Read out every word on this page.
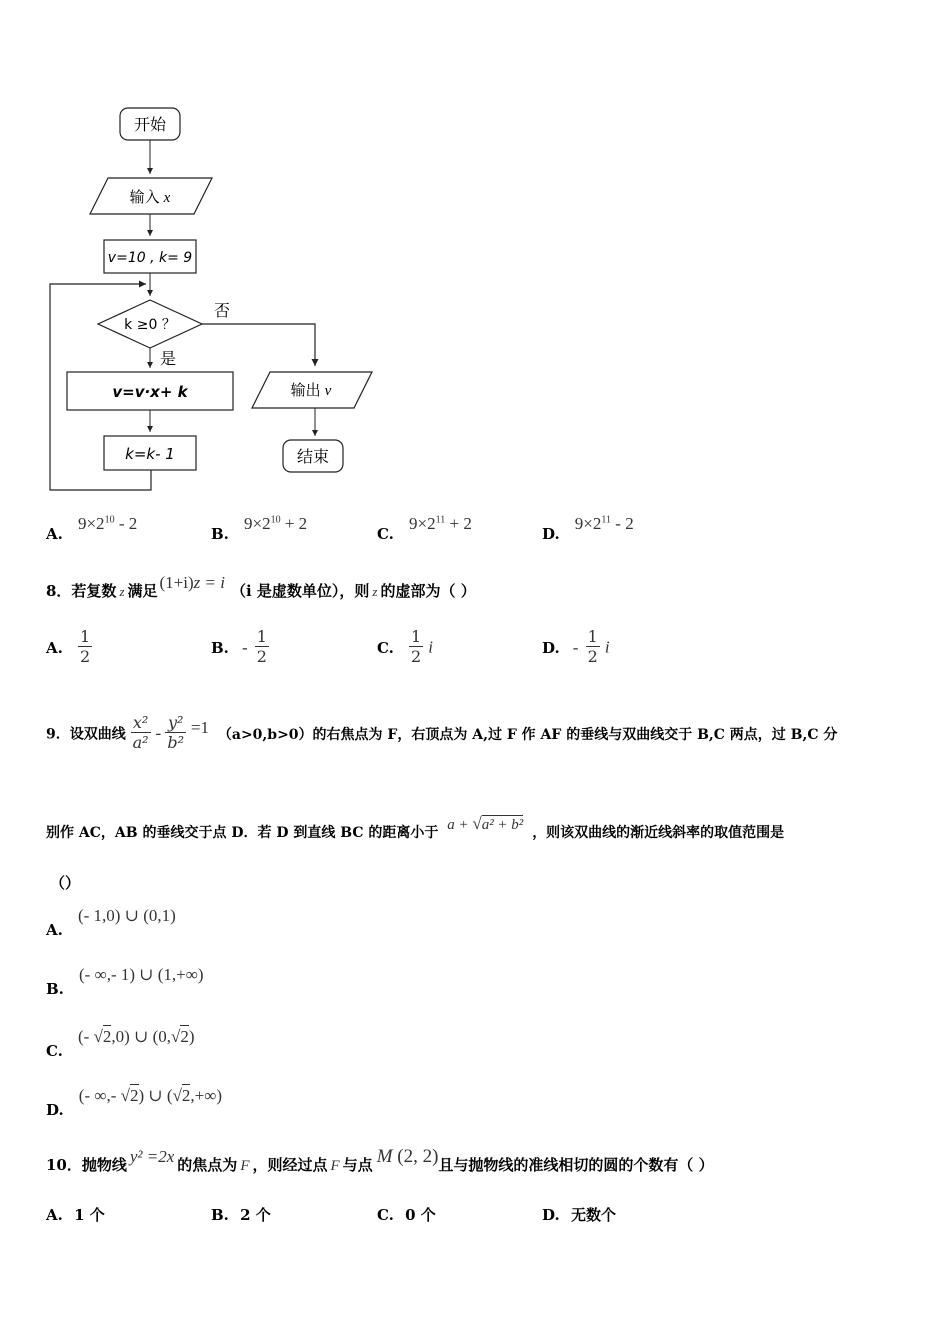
开始
输入 x
v=10 , k= 9
k ≥0 ？
否
是
v=v·x+ k
k=k- 1
输出 v
结束
A. $9\times 2^{10} - 2$
B. $9\times 2^{10} + 2$
C. $9\times 2^{11} + 2$
D. $9\times 2^{11} - 2$
8．若复数 z 满足 (1+i)z = i （i 是虚数单位），则 z 的虚部为（ ）
A. $\frac{1}{2}$	B. - $\frac{1}{2}$	C. $\frac{1}{2}$ i	D. - $\frac{1}{2}$ i
9．设双曲线 $\frac{\text{x²}}{\text{a²}} - \frac{\text{y²}}{\text{b²}} =1$ （a>0,b>0）的右焦点为 F，右顶点为 A,过 F 作 AF 的垂线与双曲线交于 B,C 两点，过 B,C 分
别作 AC，AB 的垂线交于点 D．若 D 到直线 BC 的距离小于 a + √a² + b² ，则该双曲线的渐近线斜率的取值范围是
（）
A. (- 1,0) ∪ (0,1)
B. (- ∞,- 1) ∪ (1,+∞)
C. (- √2,0) ∪ (0,√2)
D. (- ∞,- √2) ∪ (√2,+∞)
10．抛物线 y² =2x 的焦点为 F ，则经过点 F 与点 M (2, 2)且与抛物线的准线相切的圆的个数有（ ）
A. 1 个	B. 2 个	C. 0 个	D. 无数个
